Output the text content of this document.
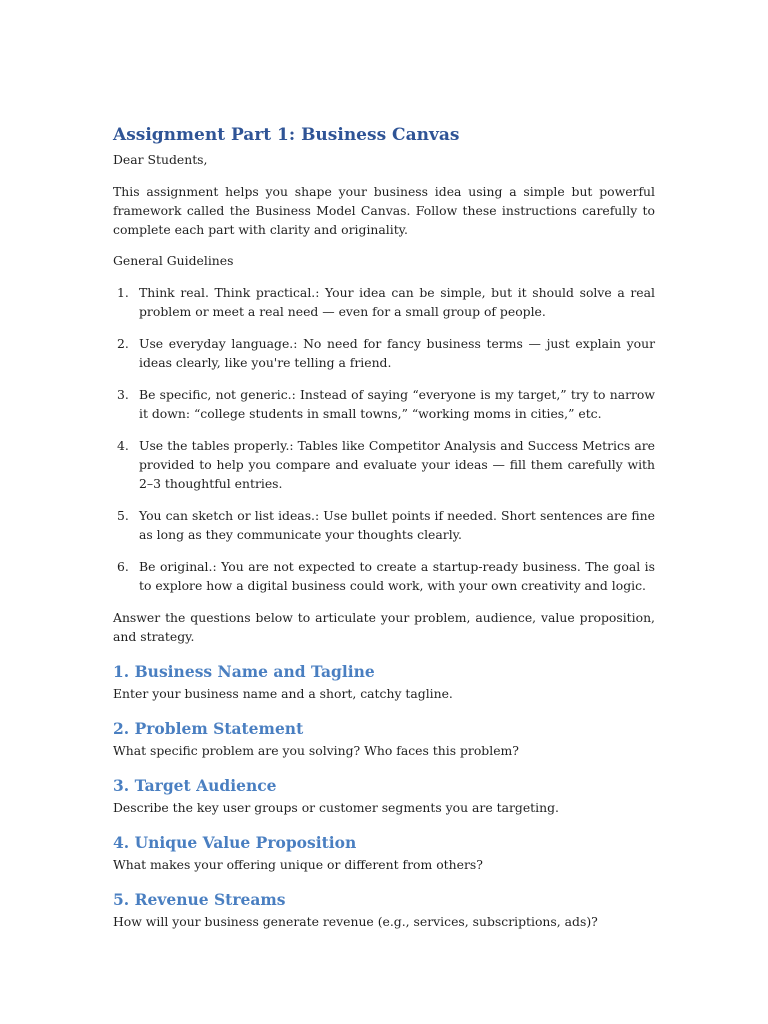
Assignment Part 1: Business Canvas

Dear Students,

This assignment helps you shape your business idea using a simple but powerful framework called the Business Model Canvas. Follow these instructions carefully to complete each part with clarity and originality.

General Guidelines

1. Think real. Think practical.: Your idea can be simple, but it should solve a real problem or meet a real need — even for a small group of people.
2. Use everyday language.: No need for fancy business terms — just explain your ideas clearly, like you're telling a friend.
3. Be specific, not generic.: Instead of saying “everyone is my target,” try to narrow it down: “college students in small towns,” “working moms in cities,” etc.
4. Use the tables properly.: Tables like Competitor Analysis and Success Metrics are provided to help you compare and evaluate your ideas — fill them carefully with 2–3 thoughtful entries.
5. You can sketch or list ideas.: Use bullet points if needed. Short sentences are fine as long as they communicate your thoughts clearly.
6. Be original.: You are not expected to create a startup-ready business. The goal is to explore how a digital business could work, with your own creativity and logic.

Answer the questions below to articulate your problem, audience, value proposition, and strategy.

1. Business Name and Tagline

Enter your business name and a short, catchy tagline.

2. Problem Statement

What specific problem are you solving? Who faces this problem?

3. Target Audience

Describe the key user groups or customer segments you are targeting.

4. Unique Value Proposition

What makes your offering unique or different from others?

5. Revenue Streams

How will your business generate revenue (e.g., services, subscriptions, ads)?
